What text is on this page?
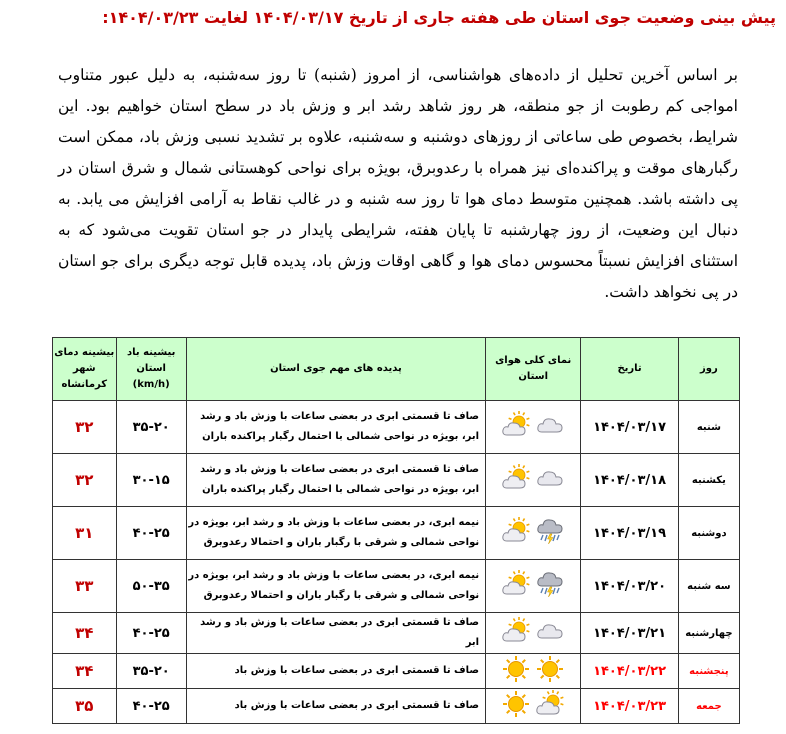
پیش بینی وضعیت جوی استان طی هفته جاری از تاریخ ۱۴۰۴/۰۳/۱۷ لغایت ۱۴۰۴/۰۳/۲۳:
بر اساس آخرین تحلیل از داده‌های هواشناسی، از امروز (شنبه) تا روز سه‌شنبه، به دلیل عبور متناوب امواجی کم رطوبت از جو منطقه، هر روز شاهد رشد ابر و وزش باد در سطح استان خواهیم بود. این شرایط، بخصوص طی ساعاتی از روزهای دوشنبه و سه‌شنبه، علاوه بر تشدید نسبی وزش باد، ممکن است رگبارهای موقت و پراکنده‌ای نیز همراه با رعدوبرق، بویژه برای نواحی کوهستانی شمال و شرق استان در پی داشته باشد. همچنین متوسط دمای هوا تا روز سه شنبه و در غالب نقاط به آرامی افزایش می یابد. به دنبال این وضعیت، از روز چهارشنبه تا پایان هفته، شرایطی پایدار در جو استان تقویت می‌شود که به استثنای افزایش نسبتاً محسوس دمای هوا و گاهی اوقات وزش باد، پدیده قابل توجه دیگری برای جو استان در پی نخواهد داشت.
روز	تاریخ	نمای کلی هوای استان	پدیده های مهم جوی استان	بیشینه باد استان (km/h)	بیشینه دمای شهر کرمانشاه
شنبه	۱۴۰۴/۰۳/۱۷		صاف تا قسمتی ابری در بعضی ساعات با وزش باد و رشد ابر، بویژه در نواحی شمالی با احتمال رگبار پراکنده باران	۳۵-۲۰	۳۲
یکشنبه	۱۴۰۴/۰۳/۱۸		صاف تا قسمتی ابری در بعضی ساعات با وزش باد و رشد ابر، بویژه در نواحی شمالی با احتمال رگبار پراکنده باران	۳۰-۱۵	۳۲
دوشنبه	۱۴۰۴/۰۳/۱۹		نیمه ابری، در بعضی ساعات با وزش باد و رشد ابر، بویژه در نواحی شمالی و شرقی با رگبار باران و احتمالا رعدوبرق	۴۰-۲۵	۳۱
سه شنبه	۱۴۰۴/۰۳/۲۰		نیمه ابری، در بعضی ساعات با وزش باد و رشد ابر، بویژه در نواحی شمالی و شرقی با رگبار باران و احتمالا رعدوبرق	۵۰-۳۵	۳۳
چهارشنبه	۱۴۰۴/۰۳/۲۱		صاف تا قسمتی ابری در بعضی ساعات با وزش باد و رشد ابر	۴۰-۲۵	۳۴
پنجشنبه	۱۴۰۴/۰۳/۲۲		صاف تا قسمتی ابری در بعضی ساعات با وزش باد	۳۵-۲۰	۳۴
جمعه	۱۴۰۴/۰۳/۲۳		صاف تا قسمتی ابری در بعضی ساعات با وزش باد	۴۰-۲۵	۳۵
